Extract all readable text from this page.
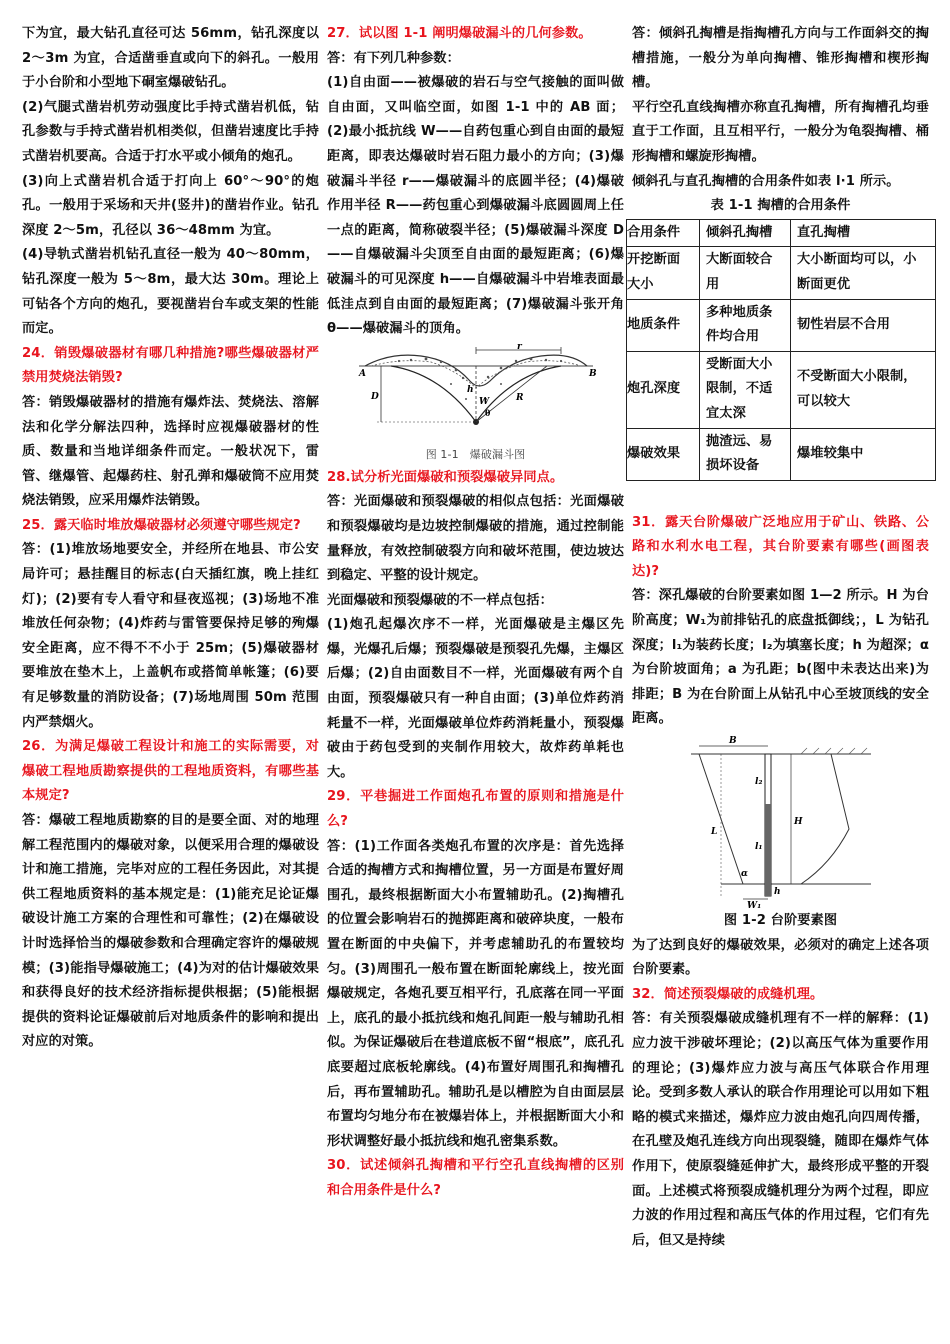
下为宜，最大钻孔直径可达 56mm，钻孔深度以 2～3m 为宜，合适凿垂直或向下的斜孔。一般用于小台阶和小型地下硐室爆破钻孔。

(2)气腿式凿岩机劳动强度比手持式凿岩机低，钻孔参数与手持式凿岩机相类似，但凿岩速度比手持式凿岩机要高。合适于打水平或小倾角的炮孔。

(3)向上式凿岩机合适于打向上 60°～90°的炮孔。一般用于采场和天井(竖井)的凿岩作业。钻孔深度 2～5m，孔径以 36～48mm 为宜。

(4)导轨式凿岩机钻孔直径一般为 40～80mm，钻孔深度一般为 5～8m，最大达 30m。理论上可钻各个方向的炮孔，要视凿岩台车或支架的性能而定。

24．销毁爆破器材有哪几种措施?哪些爆破器材严禁用焚烧法销毁?

答：销毁爆破器材的措施有爆炸法、焚烧法、溶解法和化学分解法四种，选择时应视爆破器材的性质、数量和当地详细条件而定。一般状况下，雷管、继爆管、起爆药柱、射孔弹和爆破筒不应用焚烧法销毁，应采用爆炸法销毁。

25．露天临时堆放爆破器材必须遵守哪些规定?

答：(1)堆放场地要安全，并经所在地县、市公安局许可；悬挂醒目的标志(白天插红旗，晚上挂红灯)；(2)要有专人看守和昼夜巡视；(3)场地不准堆放任何杂物；(4)炸药与雷管要保持足够的殉爆安全距离，应不得不不小于 25m；(5)爆破器材要堆放在垫木上，上盖帆布或搭简单帐篷；(6)要有足够数量的消防设备；(7)场地周围 50m 范围内严禁烟火。

26．为满足爆破工程设计和施工的实际需要，对爆破工程地质勘察提供的工程地质资料，有哪些基本规定?

答：爆破工程地质勘察的目的是要全面、对的地理解工程范围内的爆破对象，以便采用合理的爆破设计和施工措施，完毕对应的工程任务因此，对其提供工程地质资料的基本规定是：(1)能充足论证爆破设计施工方案的合理性和可靠性；(2)在爆破设计时选择恰当的爆破参数和合理确定容许的爆破规模；(3)能指导爆破施工；(4)为对的估计爆破效果和获得良好的技术经济指标提供根据；(5)能根据提供的资料论证爆破前后对地质条件的影响和提出对应的对策。

27．试以图 1-1 阐明爆破漏斗的几何参数。

答：有下列几种参数：

(1)自由面——被爆破的岩石与空气接触的面叫做自由面，又叫临空面，如图 1-1 中的 AB 面；(2)最小抵抗线 W——自药包重心到自由面的最短距离，即表达爆破时岩石阻力最小的方向；(3)爆破漏斗半径 r——爆破漏斗的底圆半径；(4)爆破作用半径 R——药包重心到爆破漏斗底圆圆周上任一点的距离，简称破裂半径；(5)爆破漏斗深度 D——自爆破漏斗尖顶至自由面的最短距离；(6)爆破漏斗的可见深度 h——自爆破漏斗中岩堆表面最低洼点到自由面的最短距离；(7)爆破漏斗张开角 θ——爆破漏斗的顶角。

A	B
D
h
W
r
R
θ

图 1-1　爆破漏斗图

28.试分析光面爆破和预裂爆破异同点。

答：光面爆破和预裂爆破的相似点包括：光面爆破和预裂爆破均是边坡控制爆破的措施，通过控制能量释放，有效控制破裂方向和破坏范围，使边坡达到稳定、平整的设计规定。

光面爆破和预裂爆破的不一样点包括：

(1)炮孔起爆次序不一样，光面爆破是主爆区先爆，光爆孔后爆；预裂爆破是预裂孔先爆，主爆区后爆；(2)自由面数目不一样，光面爆破有两个自由面，预裂爆破只有一种自由面；(3)单位炸药消耗量不一样，光面爆破单位炸药消耗量小，预裂爆破由于药包受到的夹制作用较大，故炸药单耗也大。

29．平巷掘进工作面炮孔布置的原则和措施是什么?

答：(1)工作面各类炮孔布置的次序是：首先选择合适的掏槽方式和掏槽位置，另一方面是布置好周围孔，最终根据断面大小布置辅助孔。(2)掏槽孔的位置会影响岩石的抛掷距离和破碎块度，一般布置在断面的中央偏下，并考虑辅助孔的布置较均匀。(3)周围孔一般布置在断面轮廓线上，按光面爆破规定，各炮孔要互相平行，孔底落在同一平面上，底孔的最小抵抗线和炮孔间距一般与辅助孔相似。为保证爆破后在巷道底板不留“根底”，底孔孔底要超过底板轮廓线。(4)布置好周围孔和掏槽孔后，再布置辅助孔。辅助孔是以槽腔为自由面层层布置均匀地分布在被爆岩体上，并根据断面大小和形状调整好最小抵抗线和炮孔密集系数。

30．试述倾斜孔掏槽和平行空孔直线掏槽的区别和合用条件是什么?

答：倾斜孔掏槽是指掏槽孔方向与工作面斜交的掏槽措施，一般分为单向掏槽、锥形掏槽和楔形掏槽。

平行空孔直线掏槽亦称直孔掏槽，所有掏槽孔均垂直于工作面，且互相平行，一般分为龟裂掏槽、桶形掏槽和螺旋形掏槽。

倾斜孔与直孔掏槽的合用条件如表 l·1 所示。

表 1-1 掏槽的合用条件

合用条件	倾斜孔掏槽	直孔掏槽
开挖断面大小	大断面较合用	大小断面均可以，小断面更优
地质条件	多种地质条件均合用	韧性岩层不合用
炮孔深度	受断面大小限制，不适宜太深	不受断面大小限制，可以较大
爆破效果	抛渣远、易损坏设备	爆堆较集中

31．露天台阶爆破广泛地应用于矿山、铁路、公路和水利水电工程，其台阶要素有哪些(画图表达)?

答：深孔爆破的台阶要素如图 1—2 所示。H 为台阶高度；W₁为前排钻孔的底盘抵御线；，L 为钻孔深度；l₁为装药长度；l₂为填塞长度；h 为超深；α 为台阶坡面角；a 为孔距；b(图中未表达出来)为排距；B 为在台阶面上从钻孔中心至坡顶线的安全距离。

B
H
L
l₂
l₁
h
W₁
α

图 1-2 台阶要素图

为了达到良好的爆破效果，必须对的确定上述各项台阶要素。

32．简述预裂爆破的成缝机理。

答：有关预裂爆破成缝机理有不一样的解释：(1)应力波干涉破坏理论；(2)以高压气体为重要作用的理论；(3)爆炸应力波与高压气体联合作用理论。受到多数人承认的联合作用理论可以用如下粗略的模式来描述，爆炸应力波由炮孔向四周传播，在孔壁及炮孔连线方向出现裂缝，随即在爆炸气体作用下，使原裂缝延伸扩大，最终形成平整的开裂面。上述模式将预裂成缝机理分为两个过程，即应力波的作用过程和高压气体的作用过程，它们有先后，但又是持续
